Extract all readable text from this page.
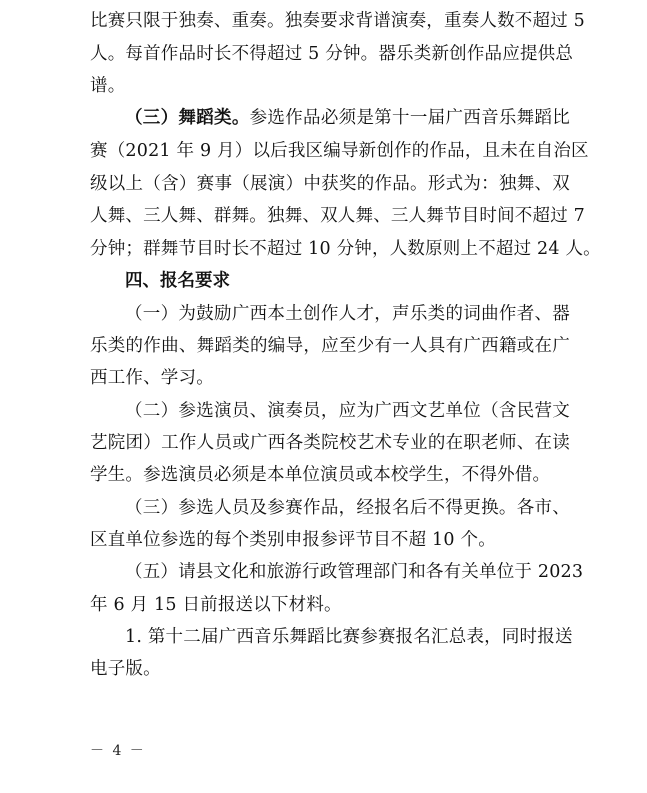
比赛只限于独奏、重奏。独奏要求背谱演奏，重奏人数不超过 5
人。每首作品时长不得超过 5 分钟。器乐类新创作品应提供总
谱。
（三）舞蹈类。参选作品必须是第十一届广西音乐舞蹈比
赛（2021 年 9 月）以后我区编导新创作的作品，且未在自治区
级以上（含）赛事（展演）中获奖的作品。形式为：独舞、双
人舞、三人舞、群舞。独舞、双人舞、三人舞节目时间不超过 7
分钟；群舞节目时长不超过 10 分钟，人数原则上不超过 24 人。
四、报名要求
（一）为鼓励广西本土创作人才，声乐类的词曲作者、器
乐类的作曲、舞蹈类的编导，应至少有一人具有广西籍或在广
西工作、学习。
（二）参选演员、演奏员，应为广西文艺单位（含民营文
艺院团）工作人员或广西各类院校艺术专业的在职老师、在读
学生。参选演员必须是本单位演员或本校学生，不得外借。
（三）参选人员及参赛作品，经报名后不得更换。各市、
区直单位参选的每个类别申报参评节目不超 10 个。
（五）请县文化和旅游行政管理部门和各有关单位于 2023
年 6 月 15 日前报送以下材料。
1. 第十二届广西音乐舞蹈比赛参赛报名汇总表，同时报送
电子版。
－ 4 －
